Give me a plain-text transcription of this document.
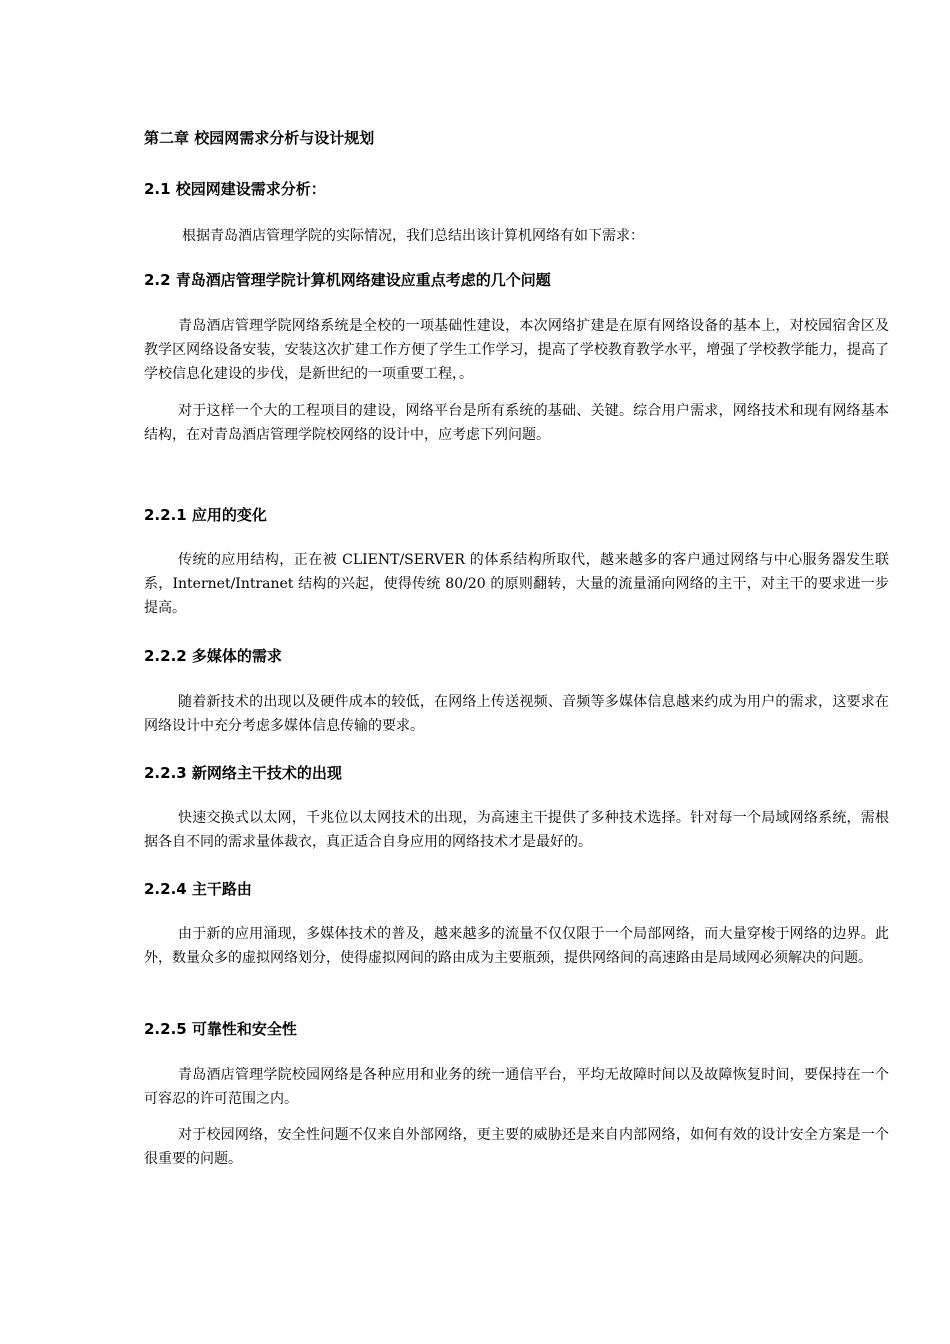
第二章 校园网需求分析与设计规划
2.1 校园网建设需求分析：

根据青岛酒店管理学院的实际情况，我们总结出该计算机网络有如下需求：

2.2 青岛酒店管理学院计算机网络建设应重点考虑的几个问题

青岛酒店管理学院网络系统是全校的一项基础性建设，本次网络扩建是在原有网络设备的基本上，对校园宿舍区及教学区网络设备安装，安装这次扩建工作方便了学生工作学习，提高了学校教育教学水平，增强了学校教学能力，提高了学校信息化建设的步伐，是新世纪的一项重要工程，。

对于这样一个大的工程项目的建设，网络平台是所有系统的基础、关键。综合用户需求，网络技术和现有网络基本结构，在对青岛酒店管理学院校网络的设计中，应考虑下列问题。

2.2.1 应用的变化

传统的应用结构，正在被 CLIENT/SERVER 的体系结构所取代，越来越多的客户通过网络与中心服务器发生联系，Internet/Intranet 结构的兴起，使得传统 80/20 的原则翻转，大量的流量涌向网络的主干，对主干的要求进一步提高。

2.2.2 多媒体的需求

随着新技术的出现以及硬件成本的较低，在网络上传送视频、音频等多媒体信息越来约成为用户的需求，这要求在网络设计中充分考虑多媒体信息传输的要求。

2.2.3 新网络主干技术的出现

快速交换式以太网，千兆位以太网技术的出现，为高速主干提供了多种技术选择。针对每一个局域网络系统，需根据各自不同的需求量体裁衣，真正适合自身应用的网络技术才是最好的。

2.2.4 主干路由

由于新的应用涌现，多媒体技术的普及，越来越多的流量不仅仅限于一个局部网络，而大量穿梭于网络的边界。此外，数量众多的虚拟网络划分，使得虚拟网间的路由成为主要瓶颈，提供网络间的高速路由是局域网必须解决的问题。

2.2.5 可靠性和安全性

青岛酒店管理学院校园网络是各种应用和业务的统一通信平台，平均无故障时间以及故障恢复时间，要保持在一个可容忍的许可范围之内。

对于校园网络，安全性问题不仅来自外部网络，更主要的威胁还是来自内部网络，如何有效的设计安全方案是一个很重要的问题。
